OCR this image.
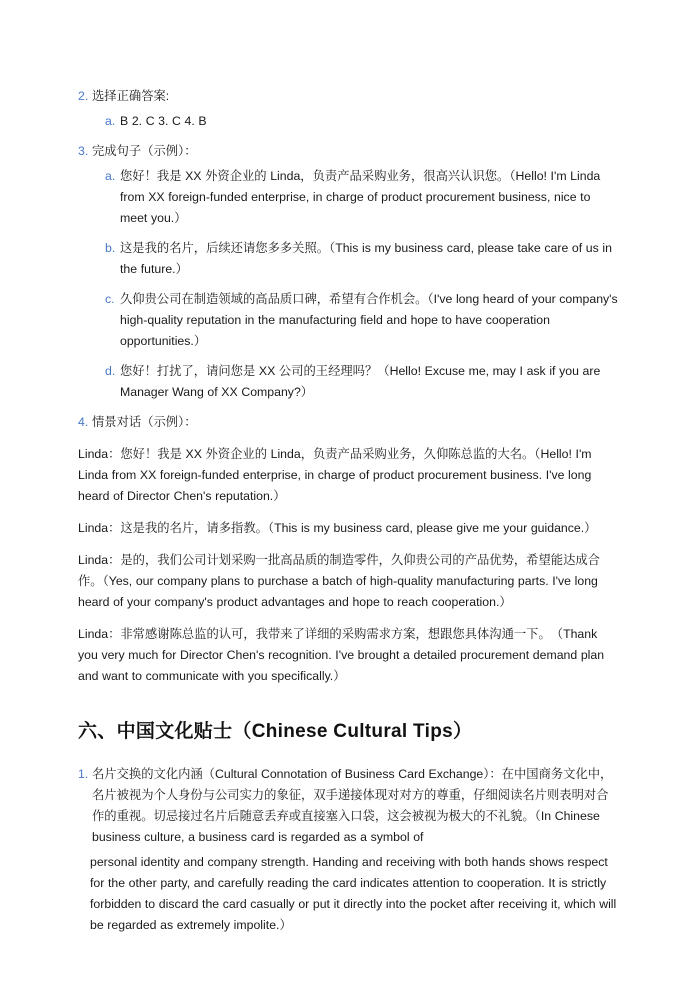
2. 选择正确答案:
a. B 2. C 3. C 4. B
3. 完成句子（示例）：
a. 您好！我是 XX 外资企业的 Linda，负责产品采购业务，很高兴认识您。（Hello! I'm Linda from XX foreign-funded enterprise, in charge of product procurement business, nice to meet you.）
b. 这是我的名片，后续还请您多多关照。（This is my business card, please take care of us in the future.）
c. 久仰贵公司在制造领域的高品质口碑，希望有合作机会。（I've long heard of your company's high-quality reputation in the manufacturing field and hope to have cooperation opportunities.）
d. 您好！打扰了，请问您是 XX 公司的王经理吗？（Hello! Excuse me, may I ask if you are Manager Wang of XX Company?）
4. 情景对话（示例）：

Linda：您好！我是 XX 外资企业的 Linda，负责产品采购业务，久仰陈总监的大名。（Hello! I'm Linda from XX foreign-funded enterprise, in charge of product procurement business. I've long heard of Director Chen's reputation.）

Linda：这是我的名片，请多指教。（This is my business card, please give me your guidance.）

Linda：是的，我们公司计划采购一批高品质的制造零件，久仰贵公司的产品优势，希望能达成合作。（Yes, our company plans to purchase a batch of high-quality manufacturing parts. I've long heard of your company's product advantages and hope to reach cooperation.）

Linda：非常感谢陈总监的认可，我带来了详细的采购需求方案，想跟您具体沟通一下。　（Thank you very much for Director Chen's recognition. I've brought a detailed procurement demand plan and want to communicate with you specifically.）

六、中国文化贴士（Chinese Cultural Tips）
1. 名片交换的文化内涵（Cultural Connotation of Business Card Exchange）：在中国商务文化中，名片被视为个人身份与公司实力的象征，双手递接体现对对方的尊重，仔细阅读名片则表明对合作的重视。切忌接过名片后随意丢弃或直接塞入口袋，这会被视为极大的不礼貌。（In Chinese business culture, a business card is regarded as a symbol of

personal identity and company strength. Handing and receiving with both hands shows respect for the other party, and carefully reading the card indicates attention to cooperation. It is strictly forbidden to discard the card casually or put it directly into the pocket after receiving it, which will be regarded as extremely impolite.）
